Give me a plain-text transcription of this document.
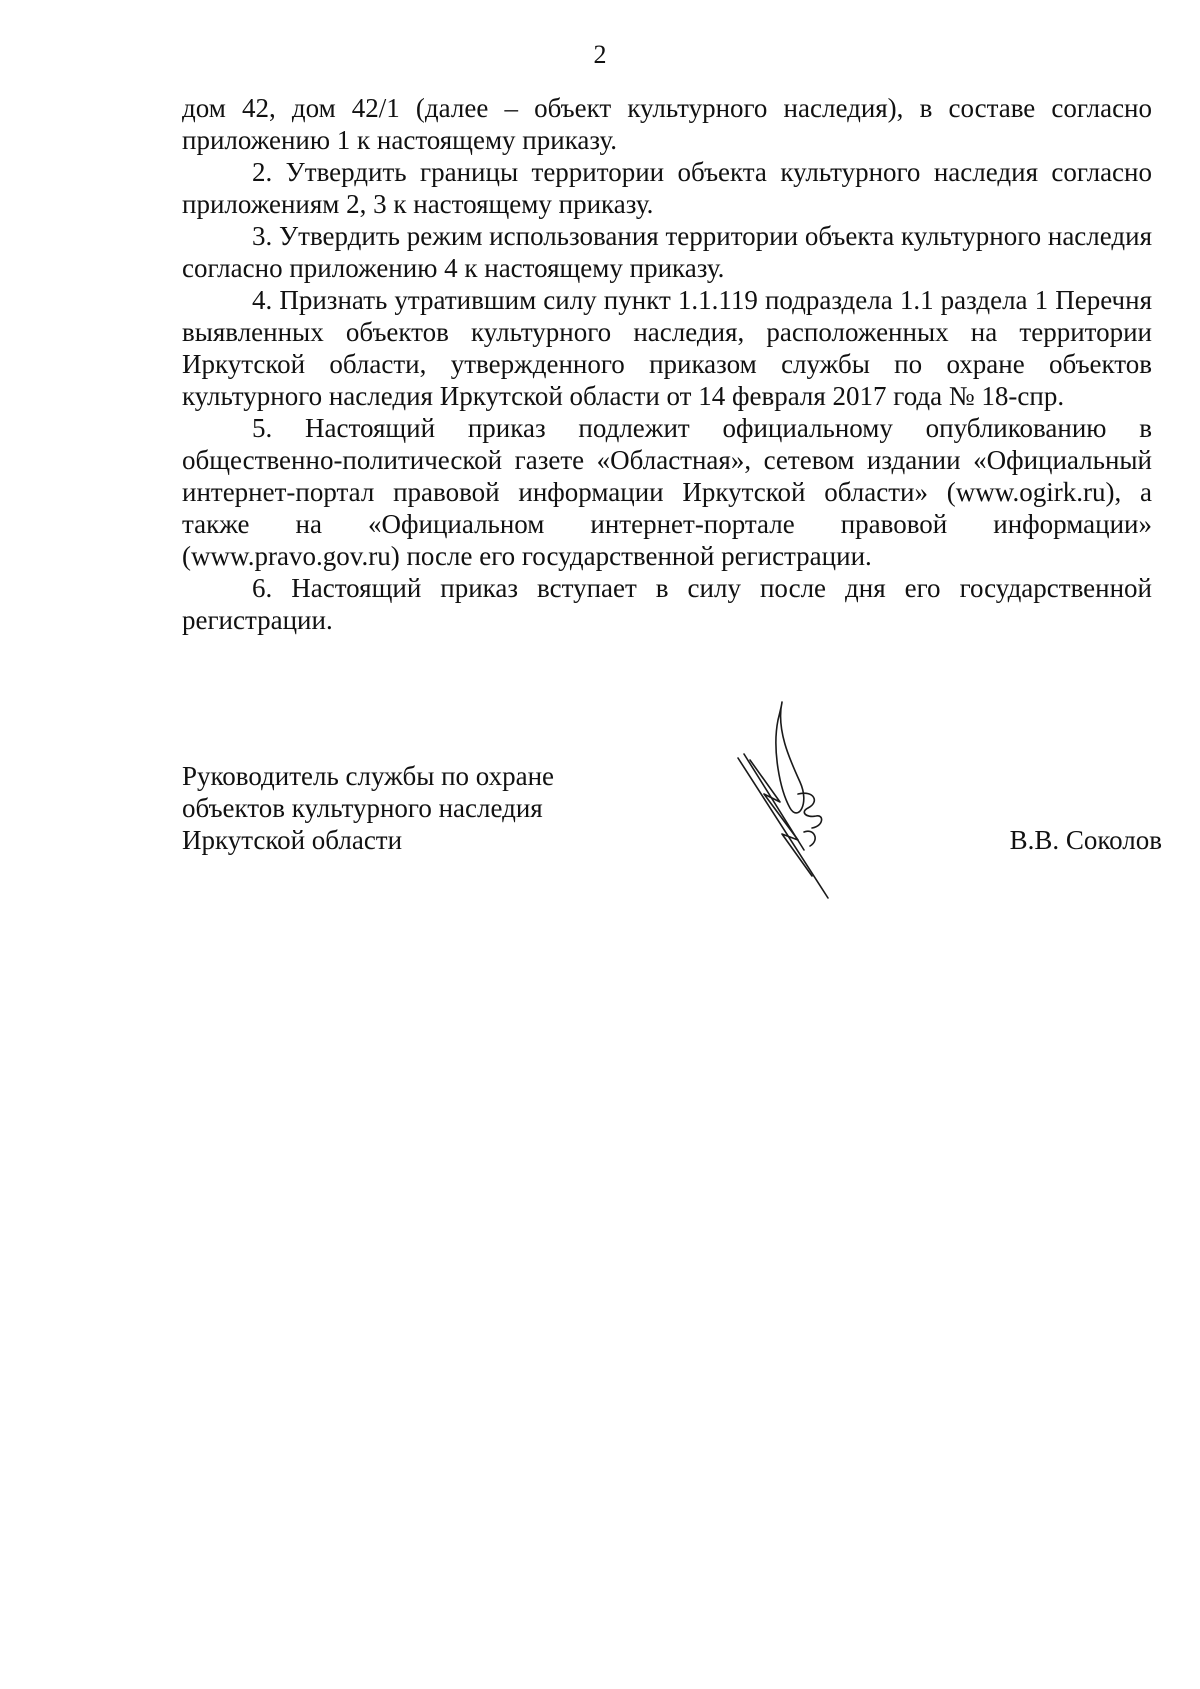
2

дом 42, дом 42/1 (далее – объект культурного наследия), в составе согласно приложению 1 к настоящему приказу.

2. Утвердить границы территории объекта культурного наследия согласно приложениям 2, 3 к настоящему приказу.

3. Утвердить режим использования территории объекта культурного наследия согласно приложению 4 к настоящему приказу.

4. Признать утратившим силу пункт 1.1.119 подраздела 1.1 раздела 1 Перечня выявленных объектов культурного наследия, расположенных на территории Иркутской области, утвержденного приказом службы по охране объектов культурного наследия Иркутской области от 14 февраля 2017 года № 18-спр.

5. Настоящий приказ подлежит официальному опубликованию в общественно-политической газете «Областная», сетевом издании «Официальный интернет-портал правовой информации Иркутской области» (www.ogirk.ru), а также на «Официальном интернет-портале правовой информации» (www.pravo.gov.ru) после его государственной регистрации.

6. Настоящий приказ вступает в силу после дня его государственной регистрации.

Руководитель службы по охране
объектов культурного наследия
Иркутской области	В.В. Соколов
